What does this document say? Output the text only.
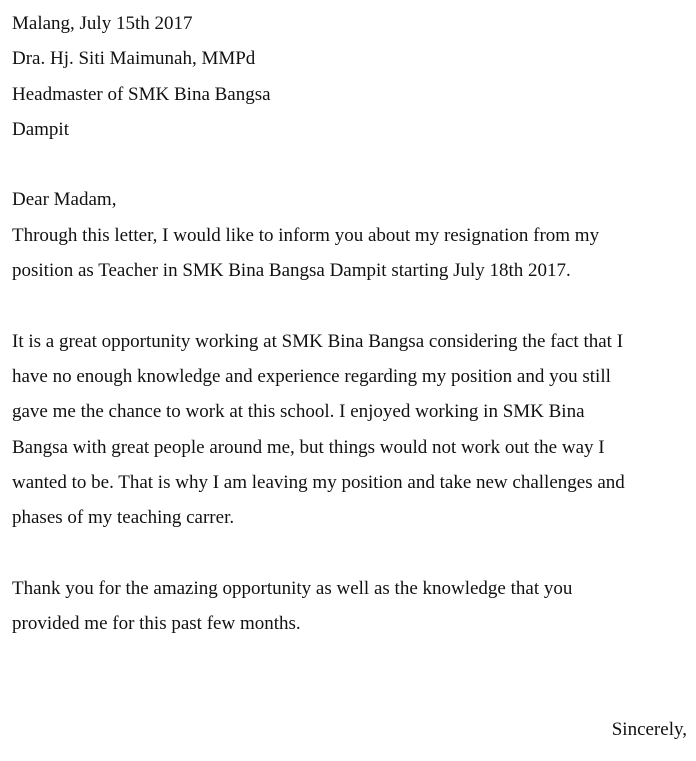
Malang, July 15th 2017
Dra. Hj. Siti Maimunah, MMPd
Headmaster of SMK Bina Bangsa
Dampit
Dear Madam,
Through this letter, I would like to inform you about my resignation from my
position as Teacher in SMK Bina Bangsa Dampit starting July 18th 2017.
It is a great opportunity working at SMK Bina Bangsa considering the fact that I
have no enough knowledge and experience regarding my position and you still
gave me the chance to work at this school. I enjoyed working in SMK Bina
Bangsa with great people around me, but things would not work out the way I
wanted to be. That is why I am leaving my position and take new challenges and
phases of my teaching carrer.
Thank you for the amazing opportunity as well as the knowledge that you
provided me for this past few months.
Sincerely,
